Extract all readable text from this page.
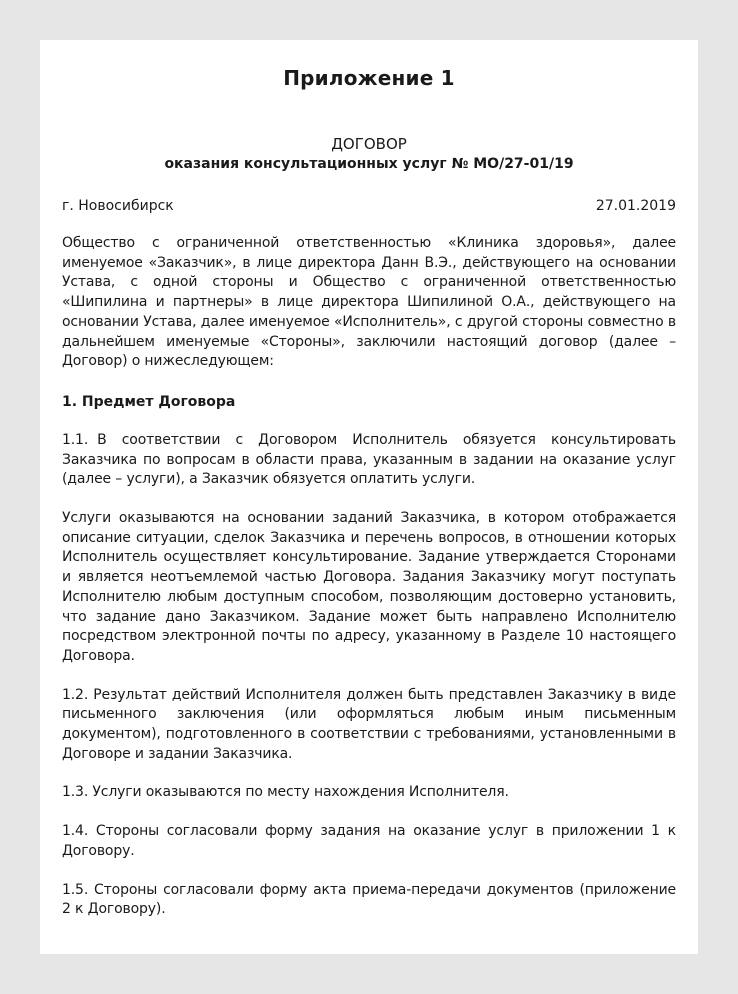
Приложение 1
ДОГОВОР
оказания консультационных услуг № МО/27-01/19
г. Новосибирск	27.01.2019

Общество с ограниченной ответственностью «Клиника здоровья», далее именуемое «Заказчик», в лице директора Данн В.Э., действующего на основании Устава, с одной стороны и Общество с ограниченной ответственностью «Шипилина и партнеры» в лице директора Шипилиной О.А., действующего на основании Устава, далее именуемое «Исполнитель», с другой стороны совместно в дальнейшем именуемые «Стороны», заключили настоящий договор (далее – Договор) о нижеследующем:

1. Предмет Договора

1.1. В соответствии с Договором Исполнитель обязуется консультировать Заказчика по вопросам в области права, указанным в задании на оказание услуг (далее – услуги), а Заказчик обязуется оплатить услуги.

Услуги оказываются на основании заданий Заказчика, в котором отображается описание ситуации, сделок Заказчика и перечень вопросов, в отношении которых Исполнитель осуществляет консультирование. Задание утверждается Сторонами и является неотъемлемой частью Договора. Задания Заказчику могут поступать Исполнителю любым доступным способом, позволяющим достоверно установить, что задание дано Заказчиком. Задание может быть направлено Исполнителю посредством электронной почты по адресу, указанному в Разделе 10 настоящего Договора.

1.2. Результат действий Исполнителя должен быть представлен Заказчику в виде письменного заключения (или оформляться любым иным письменным документом), подготовленного в соответствии с требованиями, установленными в Договоре и задании Заказчика.

1.3. Услуги оказываются по месту нахождения Исполнителя.

1.4. Стороны согласовали форму задания на оказание услуг в приложении 1 к Договору.

1.5. Стороны согласовали форму акта приема-передачи документов (приложение 2 к Договору).
